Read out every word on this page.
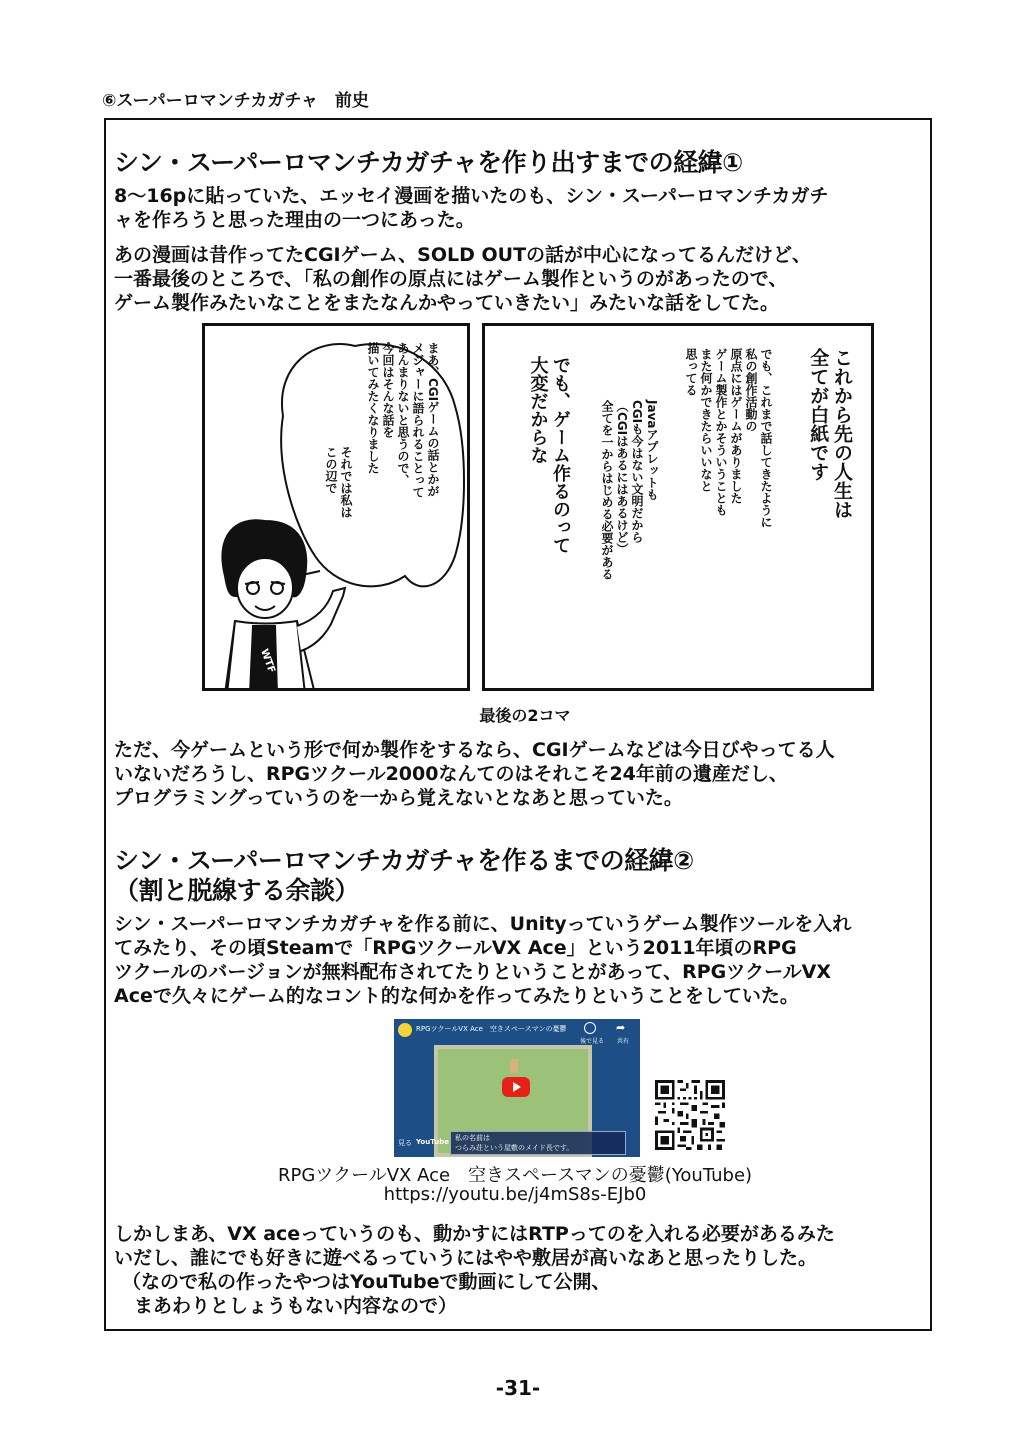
⑥スーパーロマンチカガチャ　前史
シン・スーパーロマンチカガチャを作り出すまでの経緯①
8〜16pに貼っていた、エッセイ漫画を描いたのも、シン・スーパーロマンチカガチ
ャを作ろうと思った理由の一つにあった。
あの漫画は昔作ってたCGIゲーム、SOLD OUTの話が中心になってるんだけど、
一番最後のところで、「私の創作の原点にはゲーム製作というのがあったので、
ゲーム製作みたいなことをまたなんかやっていきたい」みたいな話をしてた。
WTF
まあ、CGIゲームの話とかが
メジャーに語られることって
あんまりないと思うので、
今回はそんな話を
描いてみたくなりました
それでは私は
この辺で	これから先の人生は
全てが白紙です
でも、これまで話してきたように
私の創作活動の
原点にはゲームがありました
ゲーム製作とかそういうことも
また何かできたらいいなと
思ってる
Javaアプレットも
CGIも今はない文明だから
（CGIはあるにはあるけど）
全てを一からはじめる必要がある
でも、ゲーム作るのって
大変だからな
最後の2コマ
ただ、今ゲームという形で何か製作をするなら、CGIゲームなどは今日びやってる人
いないだろうし、RPGツクール2000なんてのはそれこそ24年前の遺産だし、
プログラミングっていうのを一から覚えないとなあと思っていた。
シン・スーパーロマンチカガチャを作るまでの経緯②
（割と脱線する余談）
シン・スーパーロマンチカガチャを作る前に、Unityっていうゲーム製作ツールを入れ
てみたり、その頃Steamで「RPGツクールVX Ace」という2011年頃のRPG
ツクールのバージョンが無料配布されてたりということがあって、RPGツクールVX
Aceで久々にゲーム的なコント的な何かを作ってみたりということをしていた。
RPGツクールVX Ace　空きスペースマンの憂鬱
後で見る
➦
共有
見る YouTube 私の名前は
つらみ荘という屋敷のメイド長です。
RPGツクールVX Ace　空きスペースマンの憂鬱(YouTube)
https://youtu.be/j4mS8s-EJb0
しかしまあ、VX aceっていうのも、動かすにはRTPってのを入れる必要があるみた
いだし、誰にでも好きに遊べるっていうにはやや敷居が高いなあと思ったりした。
（なので私の作ったやつはYouTubeで動画にして公開、
まあわりとしょうもない内容なので）
-31-
